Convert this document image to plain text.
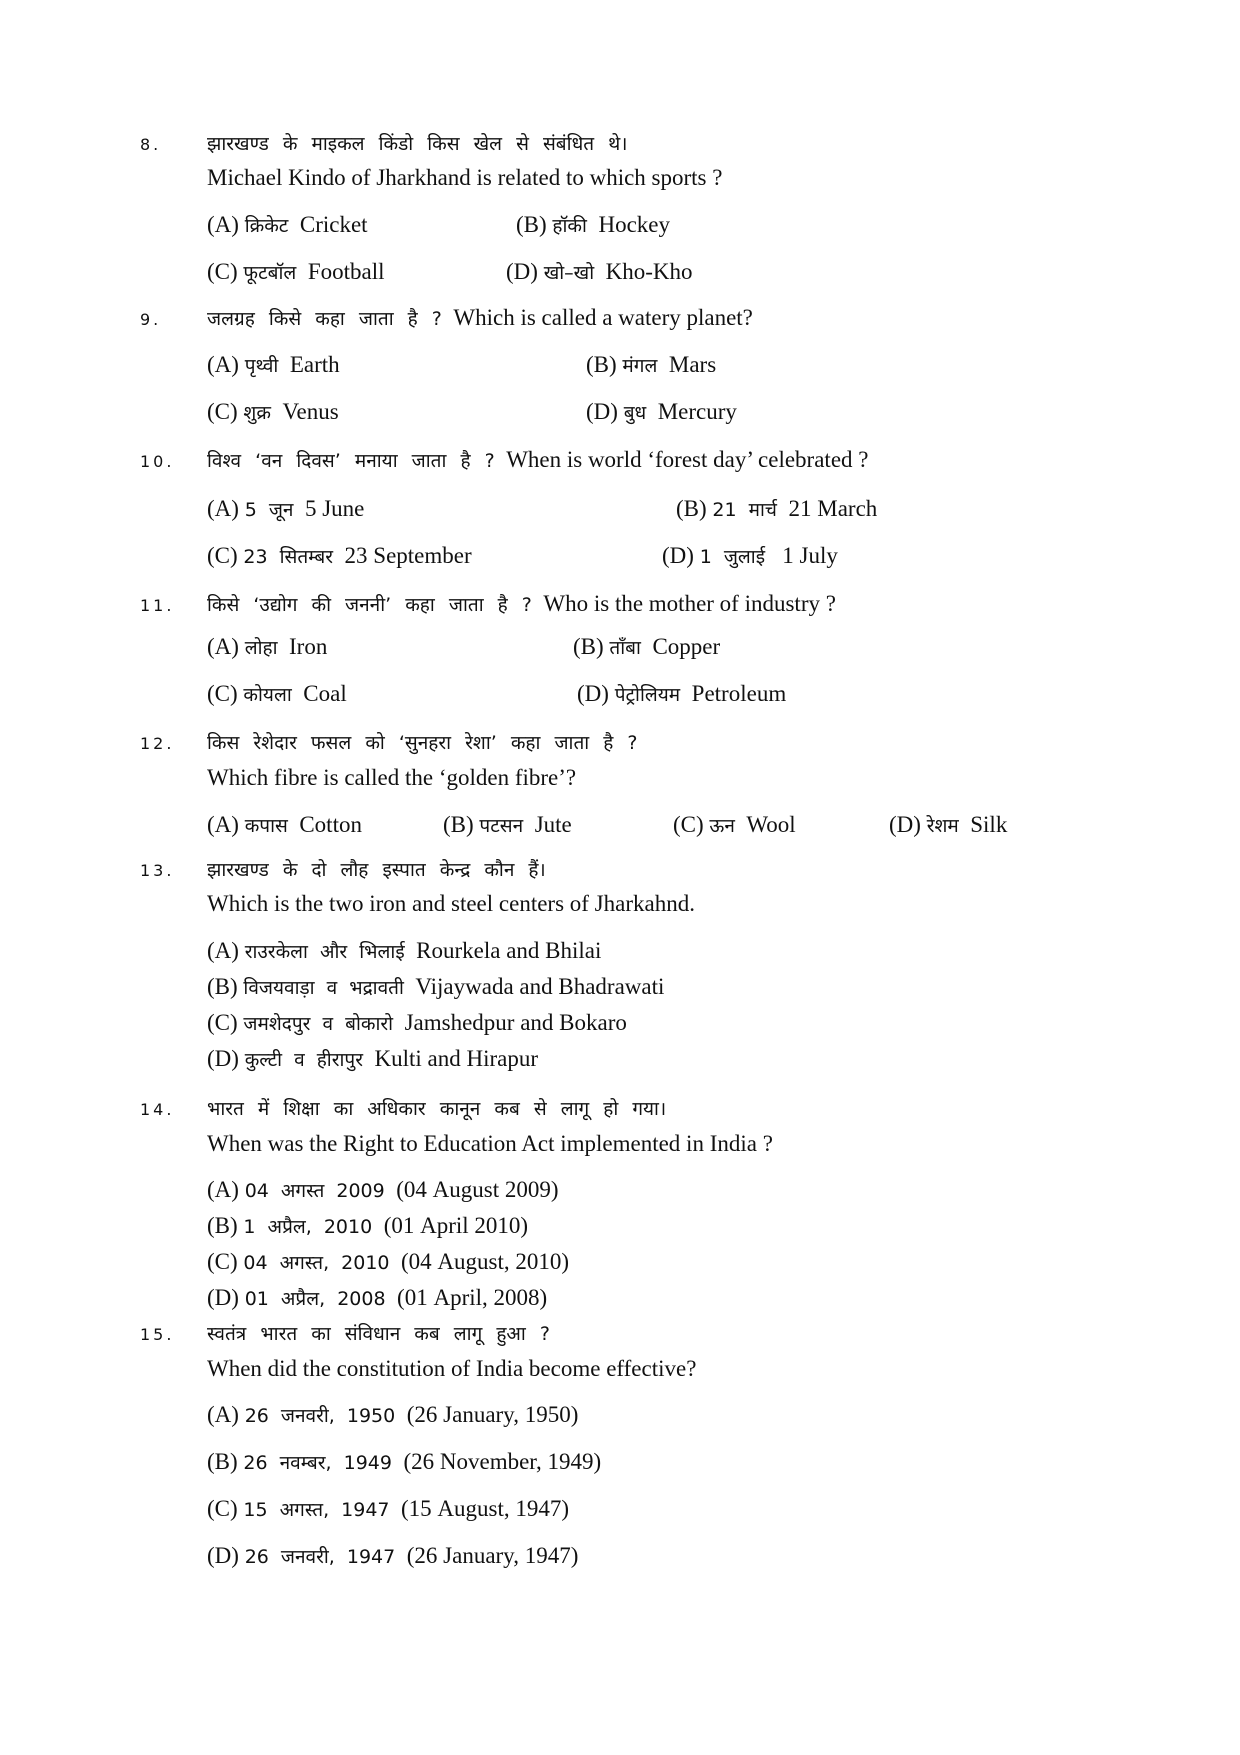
8. झारखण्ड के माइकल किंडो किस खेल से संबंधित थे।
Michael Kindo of Jharkhand is related to which sports ?
(A) क्रिकेट Cricket	(B) हॉकी Hockey
(C) फूटबॉल Football	(D) खो–खो Kho-Kho
9. जलग्रह किसे कहा जाता है ? Which is called a watery planet?
(A) पृथ्वी Earth	(B) मंगल Mars
(C) शुक्र Venus	(D) बुध Mercury
10. विश्व ‘वन दिवस’ मनाया जाता है ? When is world ‘forest day’ celebrated ?
(A) 5 जून 5 June	(B) 21 मार्च 21 March
(C) 23 सितम्बर 23 September	(D) 1 जुलाई 1 July
11. किसे ‘उद्योग की जननी’ कहा जाता है ? Who is the mother of industry ?
(A) लोहा Iron	(B) ताँबा Copper
(C) कोयला Coal	(D) पेट्रोलियम Petroleum
12. किस रेशेदार फसल को ‘सुनहरा रेशा’ कहा जाता है ?
Which fibre is called the ‘golden fibre’?
(A) कपास Cotton	(B) पटसन Jute	(C) ऊन Wool	(D) रेशम Silk
13. झारखण्ड के दो लौह इस्पात केन्द्र कौन हैं।
Which is the two iron and steel centers of Jharkahnd.
(A) राउरकेला और भिलाई Rourkela and Bhilai
(B) विजयवाड़ा व भद्रावती Vijaywada and Bhadrawati
(C) जमशेदपुर व बोकारो Jamshedpur and Bokaro
(D) कुल्टी व हीरापुर Kulti and Hirapur
14. भारत में शिक्षा का अधिकार कानून कब से लागू हो गया।
When was the Right to Education Act implemented in India ?
(A) 04 अगस्त 2009 (04 August 2009)
(B) 1 अप्रैल, 2010 (01 April 2010)
(C) 04 अगस्त, 2010 (04 August, 2010)
(D) 01 अप्रैल, 2008 (01 April, 2008)
15. स्वतंत्र भारत का संविधान कब लागू हुआ ?
When did the constitution of India become effective?
(A) 26 जनवरी, 1950 (26 January, 1950)
(B) 26 नवम्बर, 1949 (26 November, 1949)
(C) 15 अगस्त, 1947 (15 August, 1947)
(D) 26 जनवरी, 1947 (26 January, 1947)
